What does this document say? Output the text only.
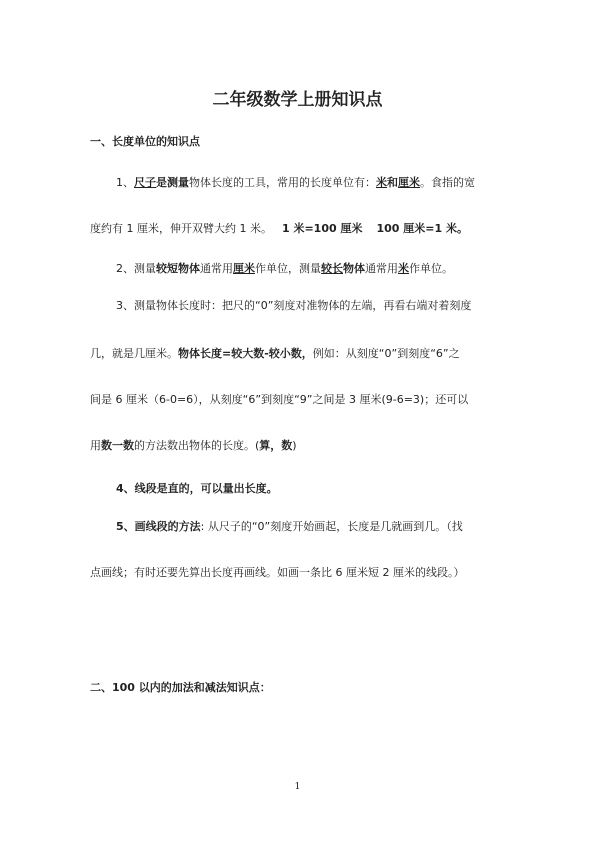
二年级数学上册知识点
一、长度单位的知识点
1、尺子是测量物体长度的工具，常用的长度单位有：米和厘米。食指的宽
度约有 1 厘米，伸开双臂大约 1 米。 1 米=100 厘米 100 厘米=1 米。
2、测量较短物体通常用厘米作单位，测量较长物体通常用米作单位。
3、测量物体长度时：把尺的“0”刻度对准物体的左端，再看右端对着刻度
几，就是几厘米。物体长度=较大数-较小数，例如：从刻度“0”到刻度“6”之
间是 6 厘米（6-0=6），从刻度“6”到刻度“9”之间是 3 厘米(9-6=3)；还可以
用数一数的方法数出物体的长度。(算，数)
4、线段是直的，可以量出长度。
5、画线段的方法: 从尺子的“0”刻度开始画起，长度是几就画到几。（找
点画线；有时还要先算出长度再画线。如画一条比 6 厘米短 2 厘米的线段。）
二、100 以内的加法和减法知识点：
1
